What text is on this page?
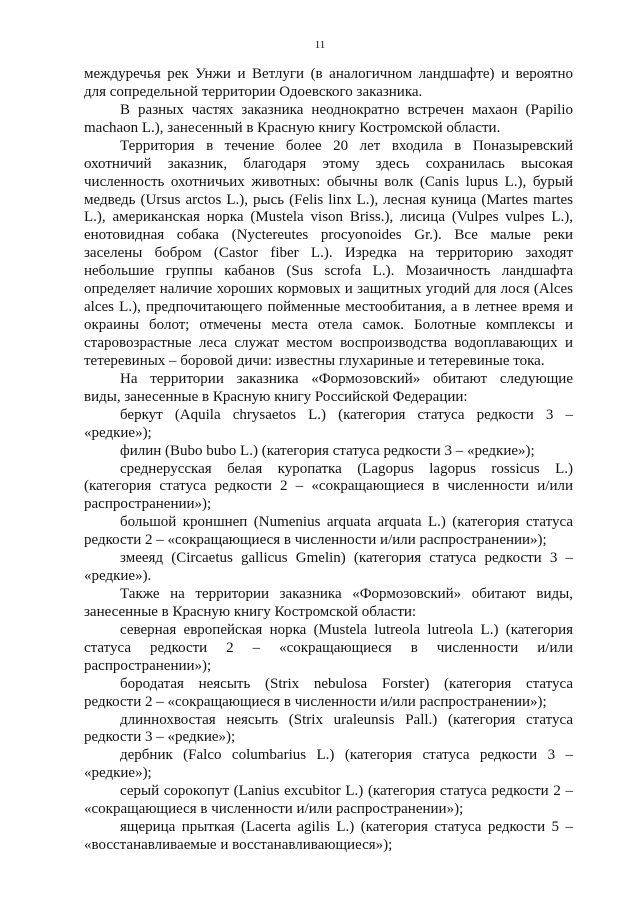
11
междуречья рек Унжи и Ветлуги (в аналогичном ландшафте) и вероятно
для сопредельной территории Одоевского заказника.
В разных частях заказника неоднократно встречен махаон (Papilio
machaon L.), занесенный в Красную книгу Костромской области.
Территория в течение более 20 лет входила в Поназыревский
охотничий заказник, благодаря этому здесь сохранилась высокая
численность охотничьих животных: обычны волк (Canis lupus L.), бурый
медведь (Ursus arctos L.), рысь (Felis linx L.), лесная куница (Martes martes
L.), американская норка (Mustela vison Briss.), лисица (Vulpes vulpes L.),
енотовидная собака (Nyctereutes procyonoides Gr.). Все малые реки
заселены бобром (Castor fiber L.). Изредка на территорию заходят
небольшие группы кабанов (Sus scrofa L.). Мозаичность ландшафта
определяет наличие хороших кормовых и защитных угодий для лося (Alces
alces L.), предпочитающего пойменные местообитания, а в летнее время и
окраины болот; отмечены места отела самок. Болотные комплексы и
старовозрастные леса служат местом воспроизводства водоплавающих и
тетеревиных – боровой дичи: известны глухариные и тетеревиные тока.
На территории заказника «Формозовский» обитают следующие
виды, занесенные в Красную книгу Российской Федерации:
беркут (Aquila chrysaetos L.) (категория статуса редкости 3 –
«редкие»);
филин (Bubo bubo L.) (категория статуса редкости 3 – «редкие»);
среднерусская белая куропатка (Lagopus lagopus rossicus L.)
(категория статуса редкости 2 – «сокращающиеся в численности и/или
распространении»);
большой кроншнеп (Numenius arquata arquata L.) (категория статуса
редкости 2 – «сокращающиеся в численности и/или распространении»);
змееяд (Circaetus gallicus Gmelin) (категория статуса редкости 3 –
«редкие»).
Также на территории заказника «Формозовский» обитают виды,
занесенные в Красную книгу Костромской области:
северная европейская норка (Mustela lutreola lutreola L.) (категория
статуса редкости 2 – «сокращающиеся в численности и/или
распространении»);
бородатая неясыть (Strix nebulosa Forster) (категория статуса
редкости 2 – «сокращающиеся в численности и/или распространении»);
длиннохвостая неясыть (Strix uraleunsis Pall.) (категория статуса
редкости 3 – «редкие»);
дербник (Falco columbarius L.) (категория статуса редкости 3 –
«редкие»);
серый сорокопут (Lanius excubitor L.) (категория статуса редкости 2 –
«сокращающиеся в численности и/или распространении»);
ящерица прыткая (Lacerta agilis L.) (категория статуса редкости 5 –
«восстанавливаемые и восстанавливающиеся»);
